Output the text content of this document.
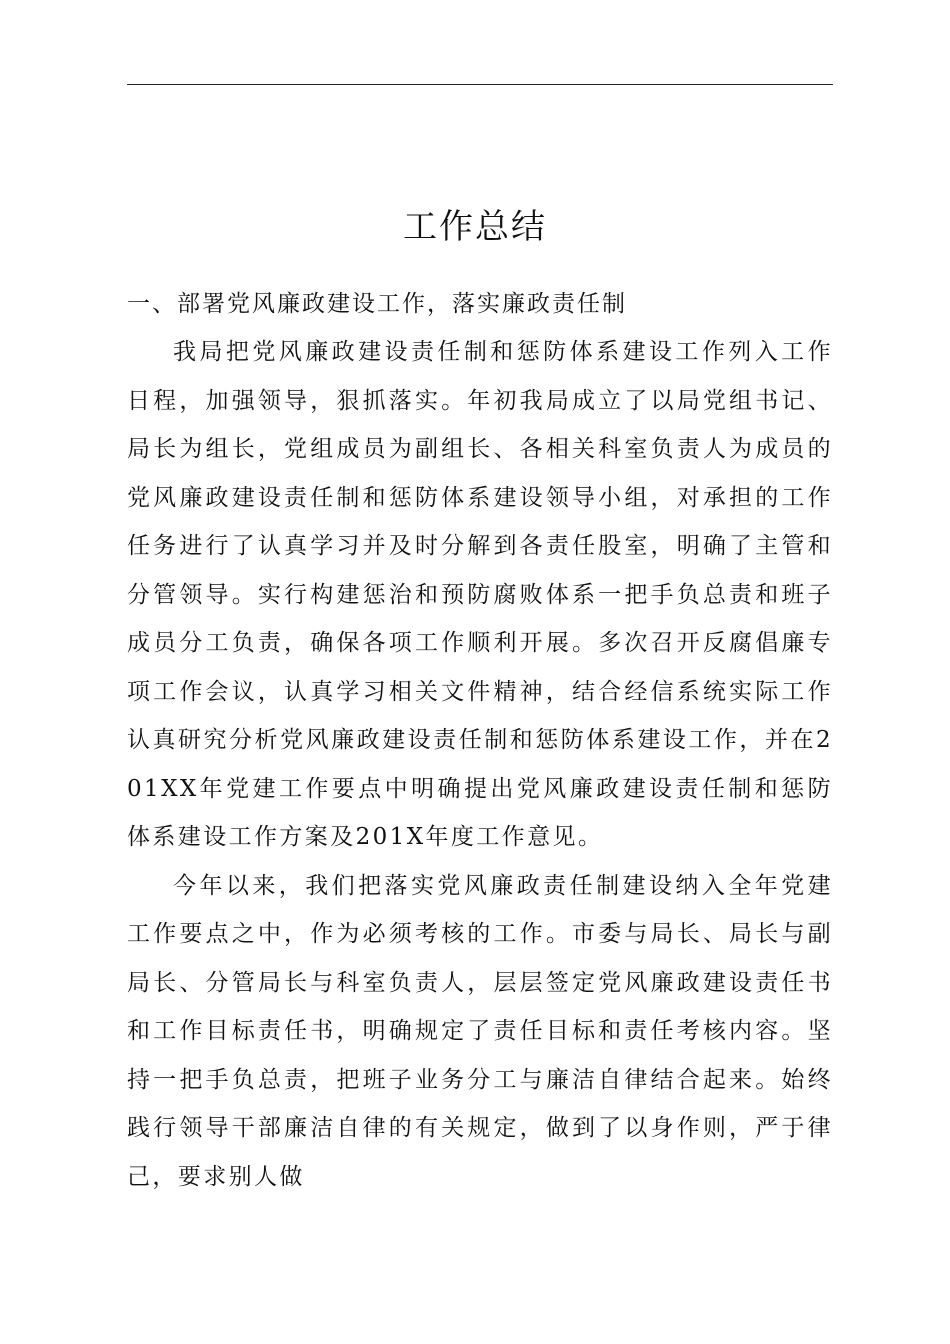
工作总结

一、部署党风廉政建设工作，落实廉政责任制

我局把党风廉政建设责任制和惩防体系建设工作列入工作日程，加强领导，狠抓落实。年初我局成立了以局党组书记、局长为组长，党组成员为副组长、各相关科室负责人为成员的党风廉政建设责任制和惩防体系建设领导小组，对承担的工作任务进行了认真学习并及时分解到各责任股室，明确了主管和分管领导。实行构建惩治和预防腐败体系一把手负总责和班子成员分工负责，确保各项工作顺利开展。多次召开反腐倡廉专项工作会议，认真学习相关文件精神，结合经信系统实际工作认真研究分析党风廉政建设责任制和惩防体系建设工作，并在201XX年党建工作要点中明确提出党风廉政建设责任制和惩防体系建设工作方案及201X年度工作意见。

今年以来，我们把落实党风廉政责任制建设纳入全年党建工作要点之中，作为必须考核的工作。市委与局长、局长与副局长、分管局长与科室负责人，层层签定党风廉政建设责任书和工作目标责任书，明确规定了责任目标和责任考核内容。坚持一把手负总责，把班子业务分工与廉洁自律结合起来。始终践行领导干部廉洁自律的有关规定，做到了以身作则，严于律己，要求别人做
